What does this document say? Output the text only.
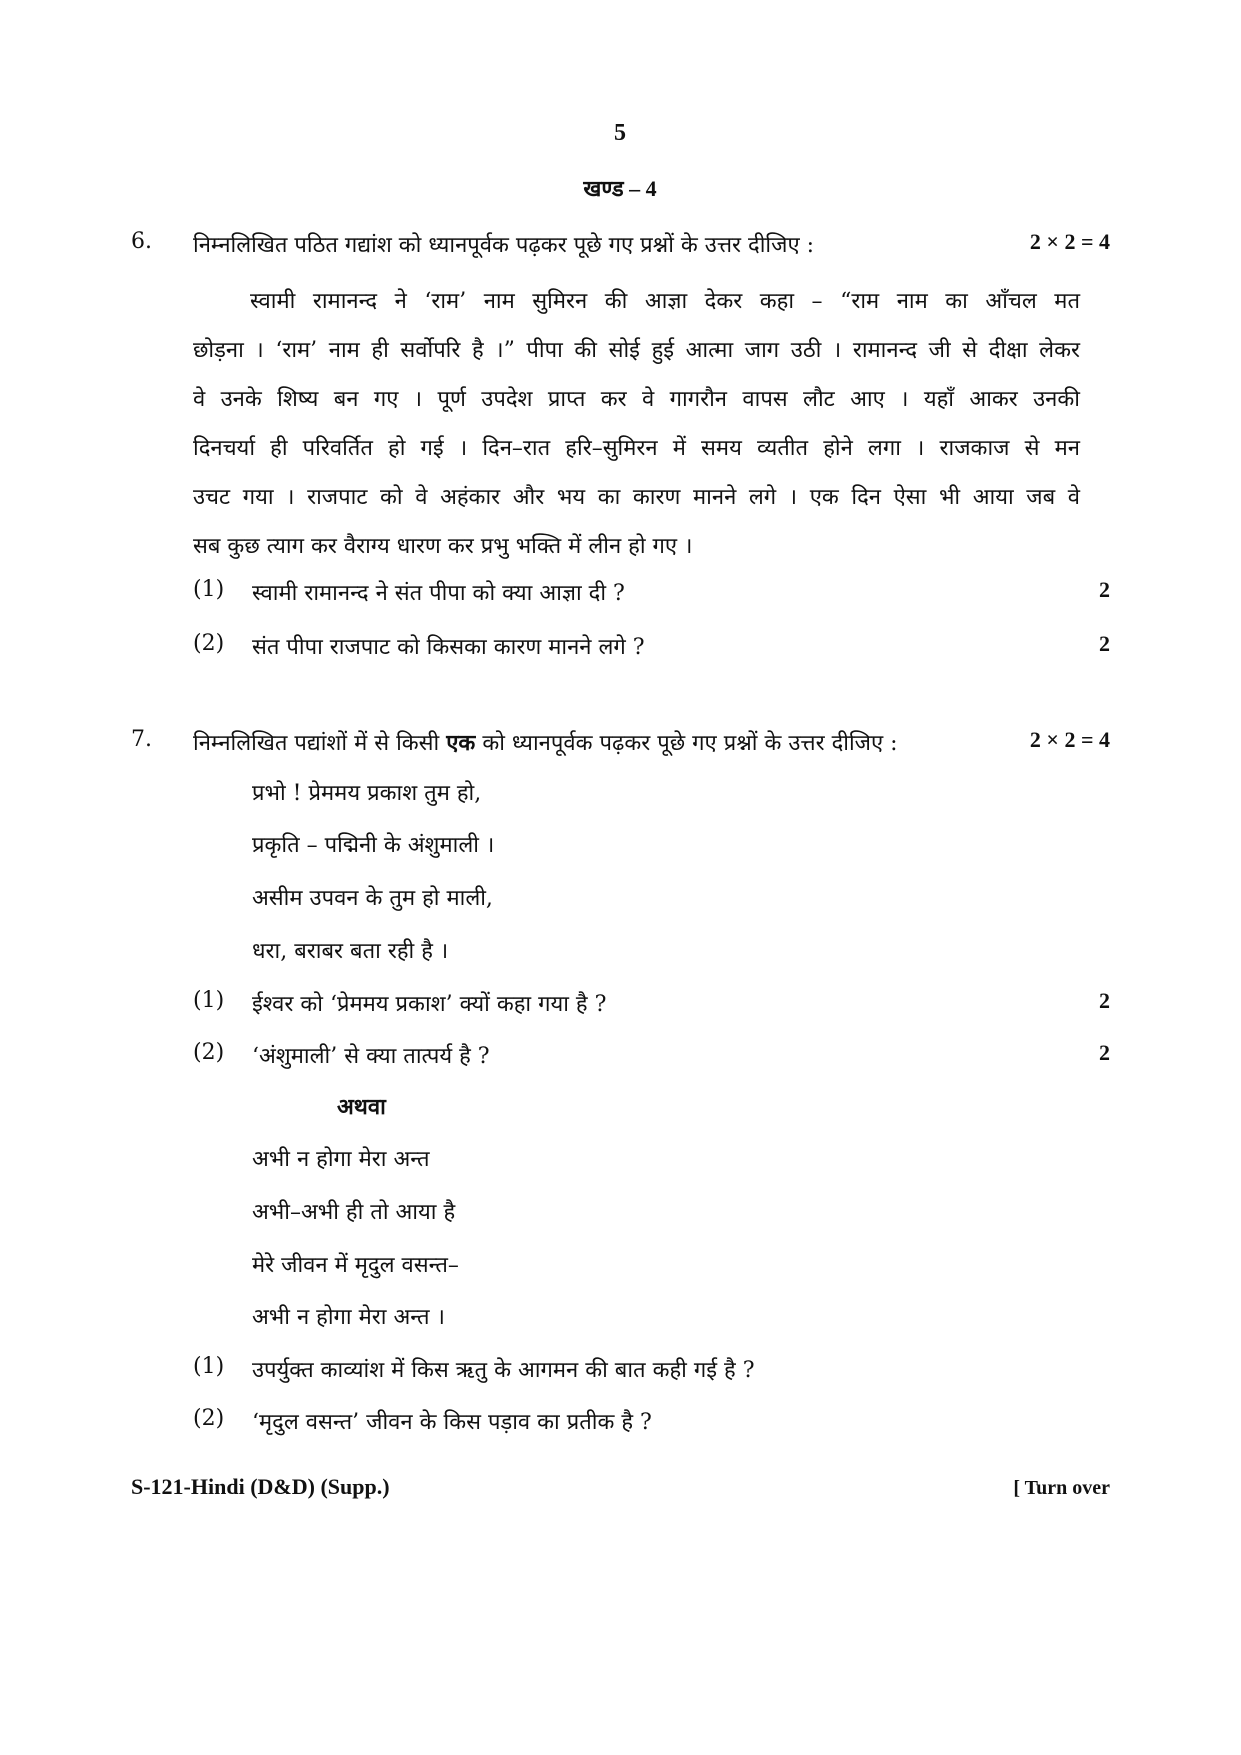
5
खण्ड – 4
6. निम्नलिखित पठित गद्यांश को ध्यानपूर्वक पढ़कर पूछे गए प्रश्नों के उत्तर दीजिए :	2 × 2 = 4
स्वामी रामानन्द ने ‘राम’ नाम सुमिरन की आज्ञा देकर कहा – “राम नाम का आँचल मत
छोड़ना । ‘राम’ नाम ही सर्वोपरि है ।” पीपा की सोई हुई आत्मा जाग उठी । रामानन्द जी से दीक्षा लेकर
वे उनके शिष्य बन गए । पूर्ण उपदेश प्राप्त कर वे गागरौन वापस लौट आए । यहाँ आकर उनकी
दिनचर्या ही परिवर्तित हो गई । दिन–रात हरि–सुमिरन में समय व्यतीत होने लगा । राजकाज से मन
उचट गया । राजपाट को वे अहंकार और भय का कारण मानने लगे । एक दिन ऐसा भी आया जब वे
सब कुछ त्याग कर वैराग्य धारण कर प्रभु भक्ति में लीन हो गए ।
(1) स्वामी रामानन्द ने संत पीपा को क्या आज्ञा दी ?	2
(2) संत पीपा राजपाट को किसका कारण मानने लगे ?	2
7. निम्नलिखित पद्यांशों में से किसी एक को ध्यानपूर्वक पढ़कर पूछे गए प्रश्नों के उत्तर दीजिए :	2 × 2 = 4
प्रभो ! प्रेममय प्रकाश तुम हो,
प्रकृति – पद्मिनी के अंशुमाली ।
असीम उपवन के तुम हो माली,
धरा, बराबर बता रही है ।
(1) ईश्वर को ‘प्रेममय प्रकाश’ क्यों कहा गया है ?	2
(2) ‘अंशुमाली’ से क्या तात्पर्य है ?	2
अथवा
अभी न होगा मेरा अन्त
अभी–अभी ही तो आया है
मेरे जीवन में मृदुल वसन्त–
अभी न होगा मेरा अन्त ।
(1) उपर्युक्त काव्यांश में किस ऋतु के आगमन की बात कही गई है ?
(2) ‘मृदुल वसन्त’ जीवन के किस पड़ाव का प्रतीक है ?
S-121-Hindi (D&D) (Supp.)	[ Turn over
